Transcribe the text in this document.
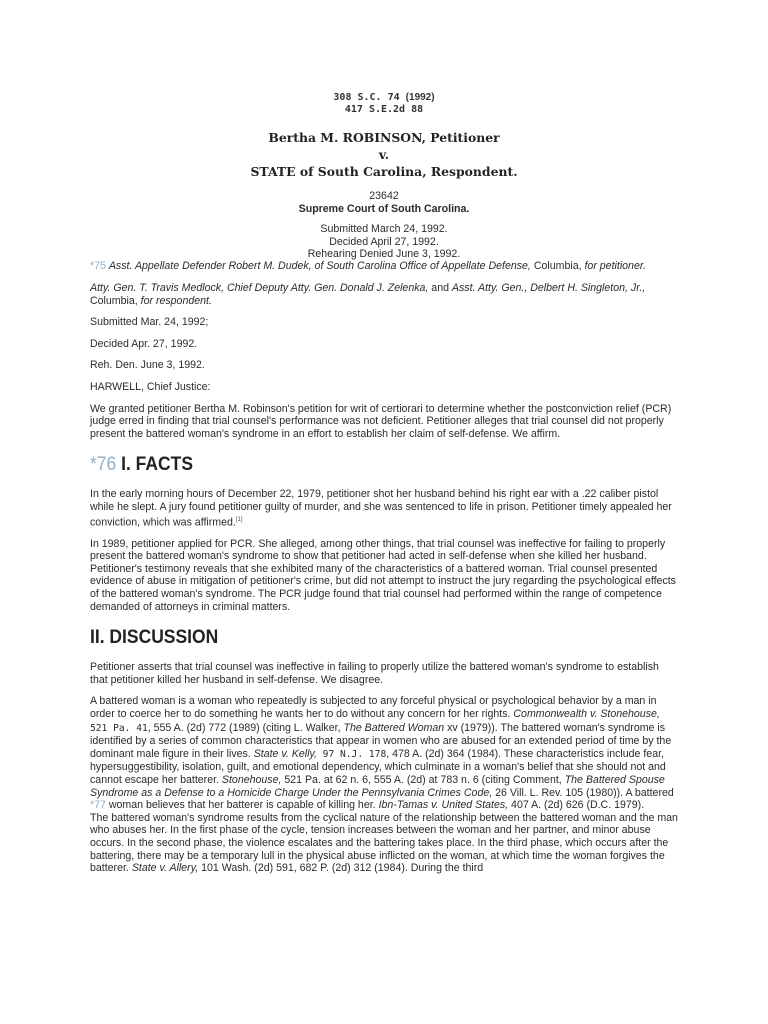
308 S.C. 74 (1992)
417 S.E.2d 88
Bertha M. ROBINSON, Petitioner
v.
STATE of South Carolina, Respondent.
23642
Supreme Court of South Carolina.
Submitted March 24, 1992.
Decided April 27, 1992.
Rehearing Denied June 3, 1992.

*75 Asst. Appellate Defender Robert M. Dudek, of South Carolina Office of Appellate Defense, Columbia, for petitioner.

Atty. Gen. T. Travis Medlock, Chief Deputy Atty. Gen. Donald J. Zelenka, and Asst. Atty. Gen., Delbert H. Singleton, Jr., Columbia, for respondent.

Submitted Mar. 24, 1992;

Decided Apr. 27, 1992.

Reh. Den. June 3, 1992.

HARWELL, Chief Justice:

We granted petitioner Bertha M. Robinson's petition for writ of certiorari to determine whether the postconviction relief (PCR) judge erred in finding that trial counsel's performance was not deficient. Petitioner alleges that trial counsel did not properly present the battered woman's syndrome in an effort to establish her claim of self-defense. We affirm.

*76 I. FACTS

In the early morning hours of December 22, 1979, petitioner shot her husband behind his right ear with a .22 caliber pistol while he slept. A jury found petitioner guilty of murder, and she was sentenced to life in prison. Petitioner timely appealed her conviction, which was affirmed.[1]

In 1989, petitioner applied for PCR. She alleged, among other things, that trial counsel was ineffective for failing to properly present the battered woman's syndrome to show that petitioner had acted in self-defense when she killed her husband. Petitioner's testimony reveals that she exhibited many of the characteristics of a battered woman. Trial counsel presented evidence of abuse in mitigation of petitioner's crime, but did not attempt to instruct the jury regarding the psychological effects of the battered woman's syndrome. The PCR judge found that trial counsel had performed within the range of competence demanded of attorneys in criminal matters.

II. DISCUSSION

Petitioner asserts that trial counsel was ineffective in failing to properly utilize the battered woman's syndrome to establish that petitioner killed her husband in self-defense. We disagree.

A battered woman is a woman who repeatedly is subjected to any forceful physical or psychological behavior by a man in order to coerce her to do something he wants her to do without any concern for her rights. Commonwealth v. Stonehouse, 521 Pa. 41, 555 A. (2d) 772 (1989) (citing L. Walker, The Battered Woman xv (1979)). The battered woman's syndrome is identified by a series of common characteristics that appear in women who are abused for an extended period of time by the dominant male figure in their lives. State v. Kelly, 97 N.J. 178, 478 A. (2d) 364 (1984). These characteristics include fear, hypersuggestibility, isolation, guilt, and emotional dependency, which culminate in a woman's belief that she should not and cannot escape her batterer. Stonehouse, 521 Pa. at 62 n. 6, 555 A. (2d) at 783 n. 6 (citing Comment, The Battered Spouse Syndrome as a Defense to a Homicide Charge Under the Pennsylvania Crimes Code, 26 Vill. L. Rev. 105 (1980)). A battered *77 woman believes that her batterer is capable of killing her. Ibn-Tamas v. United States, 407 A. (2d) 626 (D.C. 1979).

The battered woman's syndrome results from the cyclical nature of the relationship between the battered woman and the man who abuses her. In the first phase of the cycle, tension increases between the woman and her partner, and minor abuse occurs. In the second phase, the violence escalates and the battering takes place. In the third phase, which occurs after the battering, there may be a temporary lull in the physical abuse inflicted on the woman, at which time the woman forgives the batterer. State v. Allery, 101 Wash. (2d) 591, 682 P. (2d) 312 (1984). During the third
